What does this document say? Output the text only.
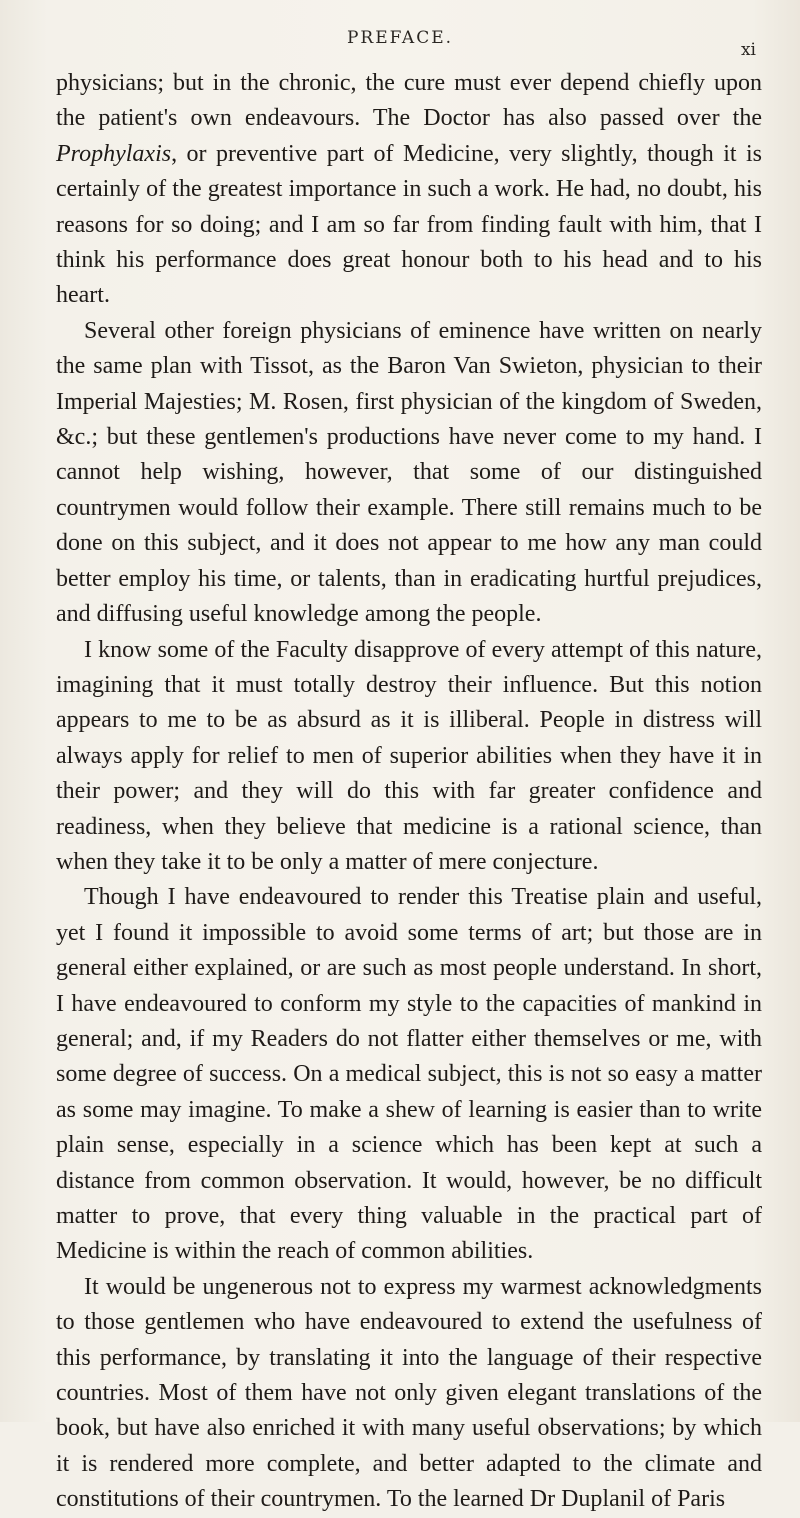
PREFACE.
xi

physicians; but in the chronic, the cure must ever depend chiefly upon the patient's own endeavours. The Doctor has also passed over the Prophylaxis, or preventive part of Medicine, very slightly, though it is certainly of the greatest importance in such a work. He had, no doubt, his reasons for so doing; and I am so far from finding fault with him, that I think his performance does great honour both to his head and to his heart.

Several other foreign physicians of eminence have written on nearly the same plan with Tissot, as the Baron Van Swieton, physician to their Imperial Majesties; M. Rosen, first physician of the kingdom of Sweden, &c.; but these gentlemen's productions have never come to my hand. I cannot help wishing, however, that some of our distinguished countrymen would follow their example. There still remains much to be done on this subject, and it does not appear to me how any man could better employ his time, or talents, than in eradicating hurtful prejudices, and diffusing useful knowledge among the people.

I know some of the Faculty disapprove of every attempt of this nature, imagining that it must totally destroy their influence. But this notion appears to me to be as absurd as it is illiberal. People in distress will always apply for relief to men of superior abilities when they have it in their power; and they will do this with far greater confidence and readiness, when they believe that medicine is a rational science, than when they take it to be only a matter of mere conjecture.

Though I have endeavoured to render this Treatise plain and useful, yet I found it impossible to avoid some terms of art; but those are in general either explained, or are such as most people understand. In short, I have endeavoured to conform my style to the capacities of mankind in general; and, if my Readers do not flatter either themselves or me, with some degree of success. On a medical subject, this is not so easy a matter as some may imagine. To make a shew of learning is easier than to write plain sense, especially in a science which has been kept at such a distance from common observation. It would, however, be no difficult matter to prove, that every thing valuable in the practical part of Medicine is within the reach of common abilities.

It would be ungenerous not to express my warmest acknowledgments to those gentlemen who have endeavoured to extend the usefulness of this performance, by translating it into the language of their respective countries. Most of them have not only given elegant translations of the book, but have also enriched it with many useful observations; by which it is rendered more complete, and better adapted to the climate and constitutions of their countrymen. To the learned Dr Duplanil of Paris
